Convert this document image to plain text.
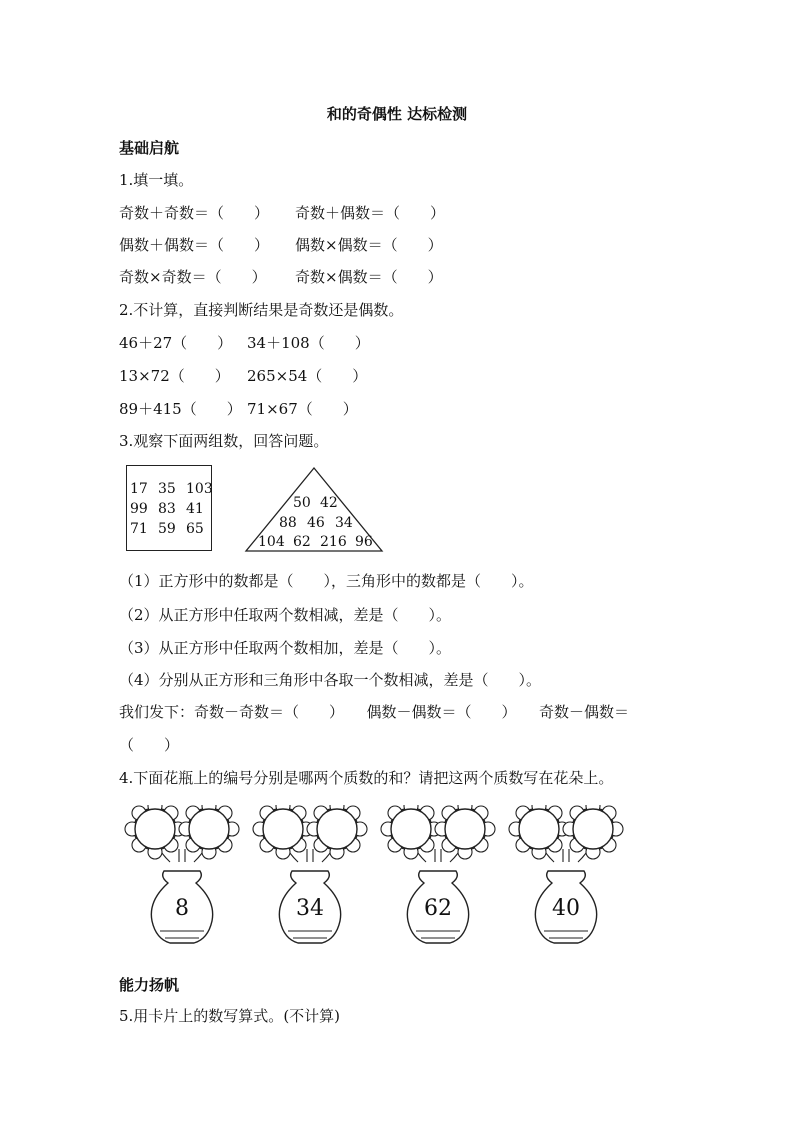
和的奇偶性 达标检测
基础启航
1.填一填。
奇数＋奇数＝（　　） 奇数＋偶数＝（　　）
偶数＋偶数＝（　　） 偶数×偶数＝（　　）
奇数×奇数＝（　　） 奇数×偶数＝（　　）
2.不计算，直接判断结果是奇数还是偶数。
46＋27（　　） 34＋108（　　）
13×72（　　） 265×54（　　）
89＋415（　　） 71×67（　　）
3.观察下面两组数，回答问题。
17 35 103
99 83 41
71 59 65
50 42
88 46 34
104 62 216 96
（1）正方形中的数都是（　　），三角形中的数都是（　　）。
（2）从正方形中任取两个数相减，差是（　　）。
（3）从正方形中任取两个数相加，差是（　　）。
（4）分别从正方形和三角形中各取一个数相减，差是（　　）。
我们发下：奇数－奇数＝（　　）　　偶数－偶数＝（　　）　　奇数－偶数＝
（　　）
4.下面花瓶上的编号分别是哪两个质数的和？请把这两个质数写在花朵上。
8	34	62	40
能力扬帆
5.用卡片上的数写算式。(不计算)
